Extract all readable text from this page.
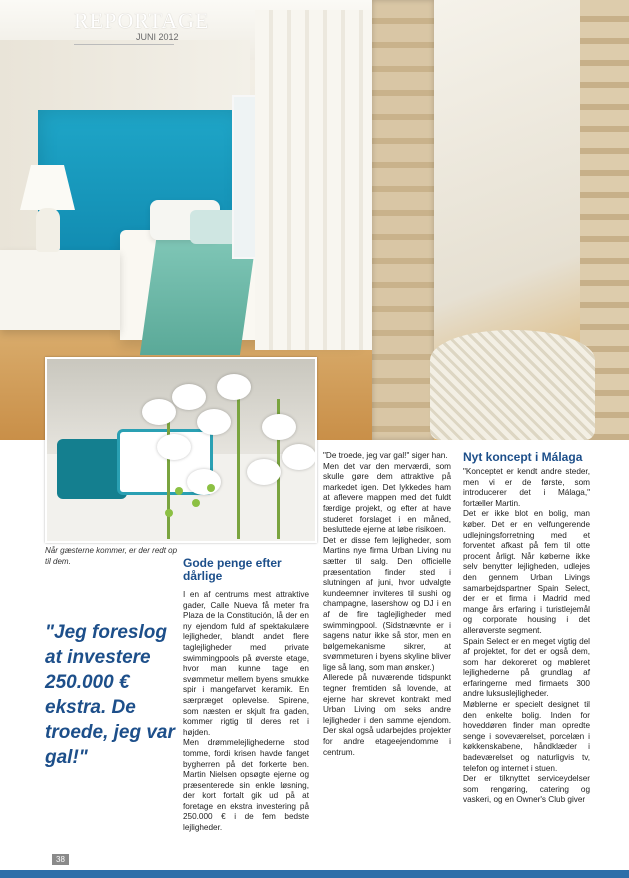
REPORTAGE
JUNI 2012
Når gæsterne kommer, er der redt op til dem.
"Jeg foreslog at investere 250.000 € ekstra. De troede, jeg var gal!"
Gode penge efter dårlige

I en af centrums mest attraktive gader, Calle Nueva få meter fra Plaza de la Constitución, lå der en ny ejendom fuld af spektakulære lejligheder, blandt andet flere taglejligheder med private swimmingpools på øverste etage, hvor man kunne tage en svømmetur mellem byens smukke spir i mangefarvet keramik. En særpræget oplevelse. Spirene, som næsten er skjult fra gaden, kommer rigtig til deres ret i højden.

Men drømmelejlighederne stod tomme, fordi krisen havde fanget bygherren på det forkerte ben. Martin Nielsen opsøgte ejerne og præsenterede sin enkle løsning, der kort fortalt gik ud på at foretage en ekstra investering på 250.000 € i de fem bedste lejligheder.

"De troede, jeg var gal!" siger han.

Men det var den merværdi, som skulle gøre dem attraktive på markedet igen. Det lykkedes ham at aflevere mappen med det fuldt færdige projekt, og efter at have studeret forslaget i en måned, besluttede ejerne at løbe risikoen.

Det er disse fem lejligheder, som Martins nye firma Urban Living nu sætter til salg. Den officielle præsentation finder sted i slutningen af juni, hvor udvalgte kundeemner inviteres til sushi og champagne, lasershow og DJ i en af de fire taglejligheder med swimmingpool. (Sidstnævnte er i sagens natur ikke så stor, men en bølgemekanisme sikrer, at svømmeturen i byens skyline bliver lige så lang, som man ønsker.)

Allerede på nuværende tidspunkt tegner fremtiden så lovende, at ejerne har skrevet kontrakt med Urban Living om seks andre lejligheder i den samme ejendom. Der skal også udarbejdes projekter for andre etageejendomme i centrum.

Nyt koncept i Málaga

"Konceptet er kendt andre steder, men vi er de første, som introducerer det i Málaga," fortæller Martin.

Det er ikke blot en bolig, man køber. Det er en velfungerende udlejningsforretning med et forventet afkast på fem til otte procent årligt. Når køberne ikke selv benytter lejligheden, udlejes den gennem Urban Livings samarbejdspartner Spain Select, der er et firma i Madrid med mange års erfaring i turistlejemål og corporate housing i det allerøverste segment.

Spain Select er en meget vigtig del af projektet, for det er også dem, som har dekoreret og møbleret lejlighederne på grundlag af erfaringerne med firmaets 300 andre luksuslejligheder.

Møblerne er specielt designet til den enkelte bolig. Inden for hoveddøren finder man opredte senge i soveværelset, porcelæn i køkkenskabene, håndklæder i badeværelset og naturligvis tv, telefon og internet i stuen.

Der er tilknyttet serviceydelser som rengøring, catering og vaskeri, og en Owner's Club giver

38
